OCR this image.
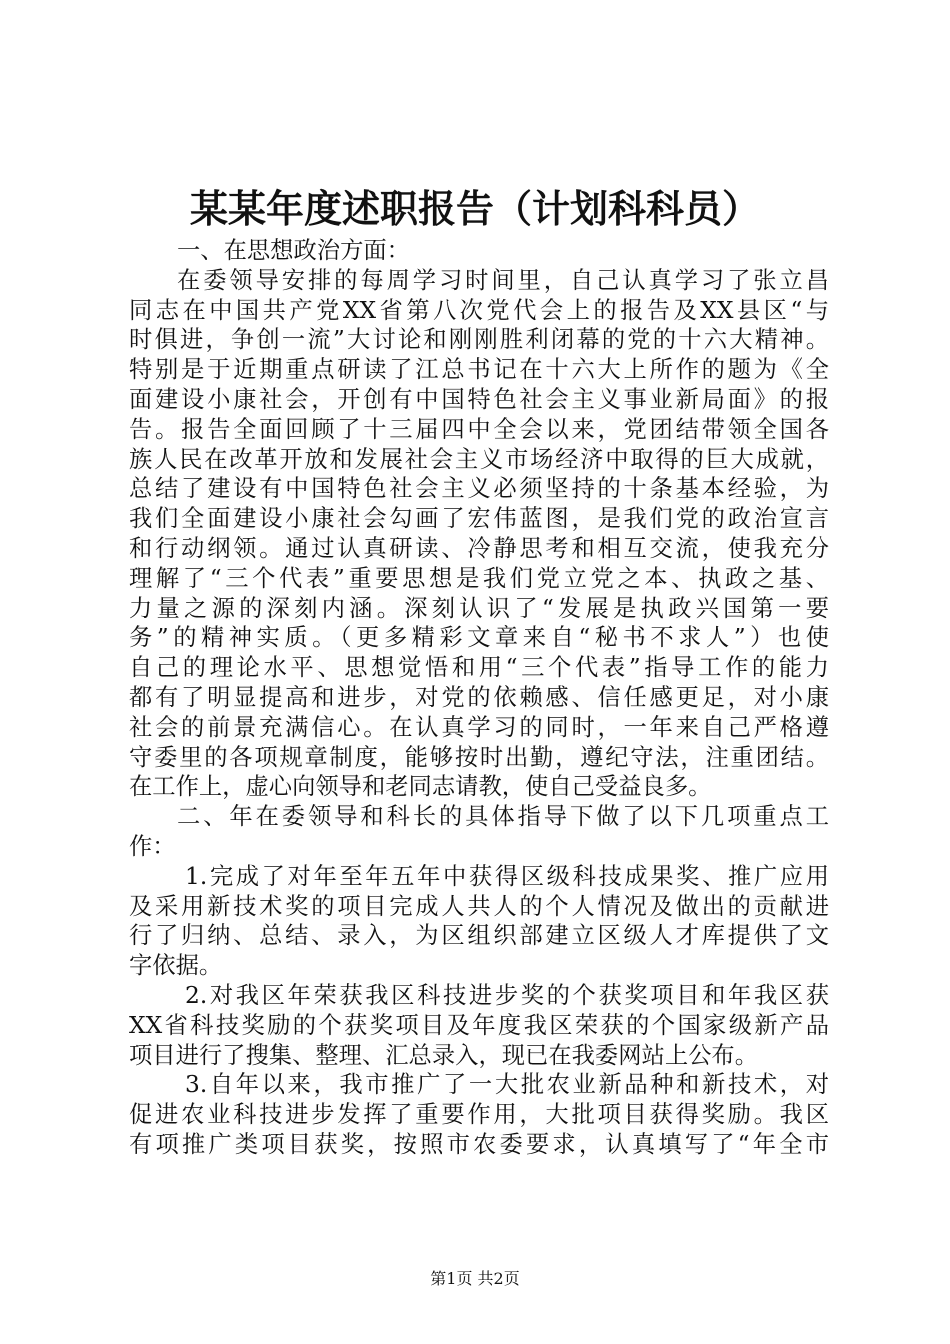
某某年度述职报告（计划科科员）
一、在思想政治方面：
在委领导安排的每周学习时间里，自己认真学习了张立昌
同志在中国共产党XX省第八次党代会上的报告及XX县区“与
时俱进，争创一流”大讨论和刚刚胜利闭幕的党的十六大精神。
特别是于近期重点研读了江总书记在十六大上所作的题为《全
面建设小康社会，开创有中国特色社会主义事业新局面》的报
告。报告全面回顾了十三届四中全会以来，党团结带领全国各
族人民在改革开放和发展社会主义市场经济中取得的巨大成就，
总结了建设有中国特色社会主义必须坚持的十条基本经验，为
我们全面建设小康社会勾画了宏伟蓝图，是我们党的政治宣言
和行动纲领。通过认真研读、冷静思考和相互交流，使我充分
理解了“三个代表”重要思想是我们党立党之本、执政之基、
力量之源的深刻内涵。深刻认识了“发展是执政兴国第一要
务”的精神实质。（更多精彩文章来自“秘书不求人”）也使
自己的理论水平、思想觉悟和用“三个代表”指导工作的能力
都有了明显提高和进步，对党的依赖感、信任感更足，对小康
社会的前景充满信心。在认真学习的同时，一年来自己严格遵
守委里的各项规章制度，能够按时出勤，遵纪守法，注重团结。
在工作上，虚心向领导和老同志请教，使自己受益良多。
二、年在委领导和科长的具体指导下做了以下几项重点工
作：
1.完成了对年至年五年中获得区级科技成果奖、推广应用
及采用新技术奖的项目完成人共人的个人情况及做出的贡献进
行了归纳、总结、录入，为区组织部建立区级人才库提供了文
字依据。
2.对我区年荣获我区科技进步奖的个获奖项目和年我区获
XX省科技奖励的个获奖项目及年度我区荣获的个国家级新产品
项目进行了搜集、整理、汇总录入，现已在我委网站上公布。
3.自年以来，我市推广了一大批农业新品种和新技术，对
促进农业科技进步发挥了重要作用，大批项目获得奖励。我区
有项推广类项目获奖，按照市农委要求，认真填写了“年全市
第1页 共2页
